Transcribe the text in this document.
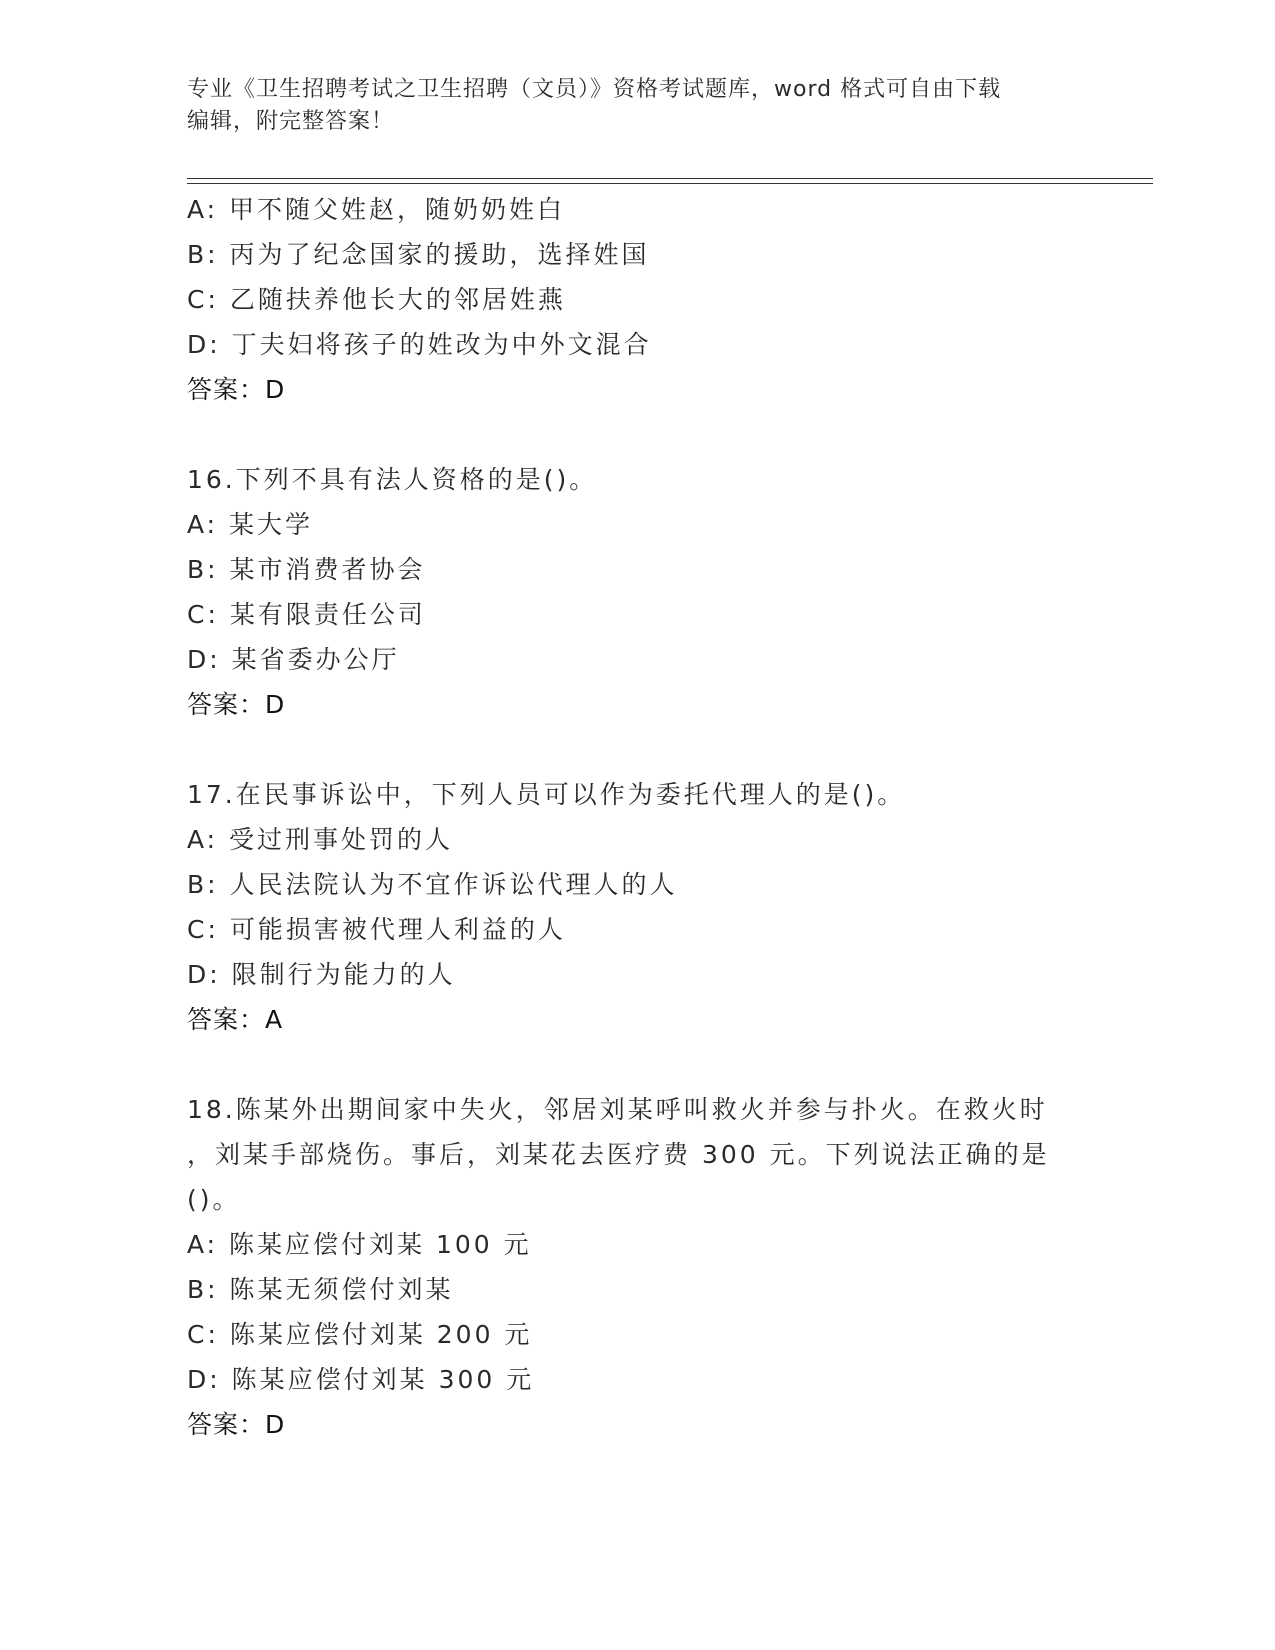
专业《卫生招聘考试之卫生招聘（文员）》资格考试题库，word 格式可自由下载
编辑，附完整答案！
A: 甲不随父姓赵，随奶奶姓白
B: 丙为了纪念国家的援助，选择姓国
C: 乙随扶养他长大的邻居姓燕
D: 丁夫妇将孩子的姓改为中外文混合
答案：D
16.下列不具有法人资格的是()。
A: 某大学
B: 某市消费者协会
C: 某有限责任公司
D: 某省委办公厅
答案：D
17.在民事诉讼中，下列人员可以作为委托代理人的是()。
A: 受过刑事处罚的人
B: 人民法院认为不宜作诉讼代理人的人
C: 可能损害被代理人利益的人
D: 限制行为能力的人
答案：A
18.陈某外出期间家中失火，邻居刘某呼叫救火并参与扑火。在救火时
，刘某手部烧伤。事后，刘某花去医疗费 300 元。下列说法正确的是
()。
A: 陈某应偿付刘某 100 元
B: 陈某无须偿付刘某
C: 陈某应偿付刘某 200 元
D: 陈某应偿付刘某 300 元
答案：D
